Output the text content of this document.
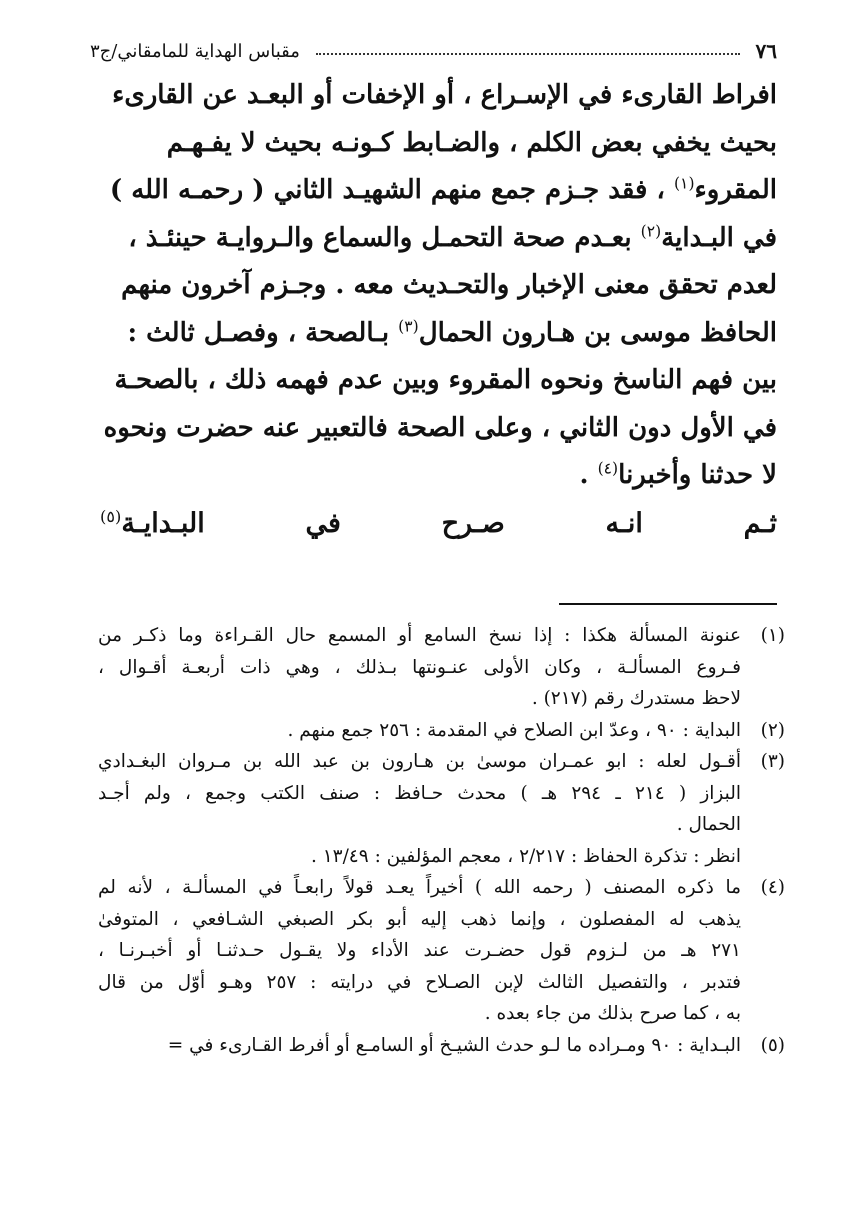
٧٦
مقباس الهداية للمامقاني/ج٣

افراط القارىء في الإسـراع ، أو الإخفات أو البعـد عن القارىء

بحيث يخفي بعض الكلم ، والضـابط كـونـه بحيث لا يفـهـم

المقروء$^{(١)}$ ، فقد جـزم جمع منهم الشهيـد الثاني ( رحمـه الله )

في البـداية$^{(٢)}$ بعـدم صحة التحمـل والسماع والـروايـة حينئـذ ،

لعدم تحقق معنى الإخبار والتحـديث معه . وجـزم آخرون منهم

الحافظ موسى بن هـارون الحمال$^{(٣)}$ بـالصحة ، وفصـل ثالث :

بين فهم الناسخ ونحوه المقروء وبين عدم فهمه ذلك ، بالصحـة

في الأول دون الثاني ، وعلى الصحة فالتعبير عنه حضرت ونحوه

لا حدثنا وأخبرنا$^{(٤)}$ .

ثـم انـه صـرح في البـدايـة$^{(٥)}$

(١)
عنونة المسألة هكذا : إذا نسخ السامع أو المسمع حال القـراءة وما ذكـر من
فـروع المسألـة ، وكان الأولى عنـونتها بـذلك ، وهي ذات أربعـة أقـوال ،
لاحظ مستدرك رقم (٢١٧) .
(٢)
البداية : ٩٠ ، وعدّ ابن الصلاح في المقدمة : ٢٥٦ جمع منهم .
(٣)
أقـول لعله : ابو عمـران موسىٰ بن هـارون بن عبد الله بن مـروان البغـدادي
البزاز ( ٢١٤ ـ ٢٩٤ هـ ) محدث حـافظ : صنف الكتب وجمع ، ولم أجـد
الحمال .
انظر : تذكرة الحفاظ : ٢/٢١٧ ، معجم المؤلفين : ١٣/٤٩ .
(٤)
ما ذكره المصنف ( رحمه الله ) أخيراً يعـد قولاً رابعـاً في المسألـة ، لأنه لم
يذهب له المفصلون ، وإنما ذهب إليه أبو بكر الصبغي الشـافعي ، المتوفىٰ
٢٧١ هـ من لـزوم قول حضـرت عند الأداء ولا يقـول حـدثنـا أو أخبـرنـا ،
فتدبر ، والتفصيل الثالث لإبن الصـلاح في درايته : ٢٥٧ وهـو أوّل من قال
به ، كما صرح بذلك من جاء بعده .
(٥)
البـداية : ٩٠ ومـراده ما لـو حدث الشيـخ أو السامـع أو أفرط القـارىء في =
